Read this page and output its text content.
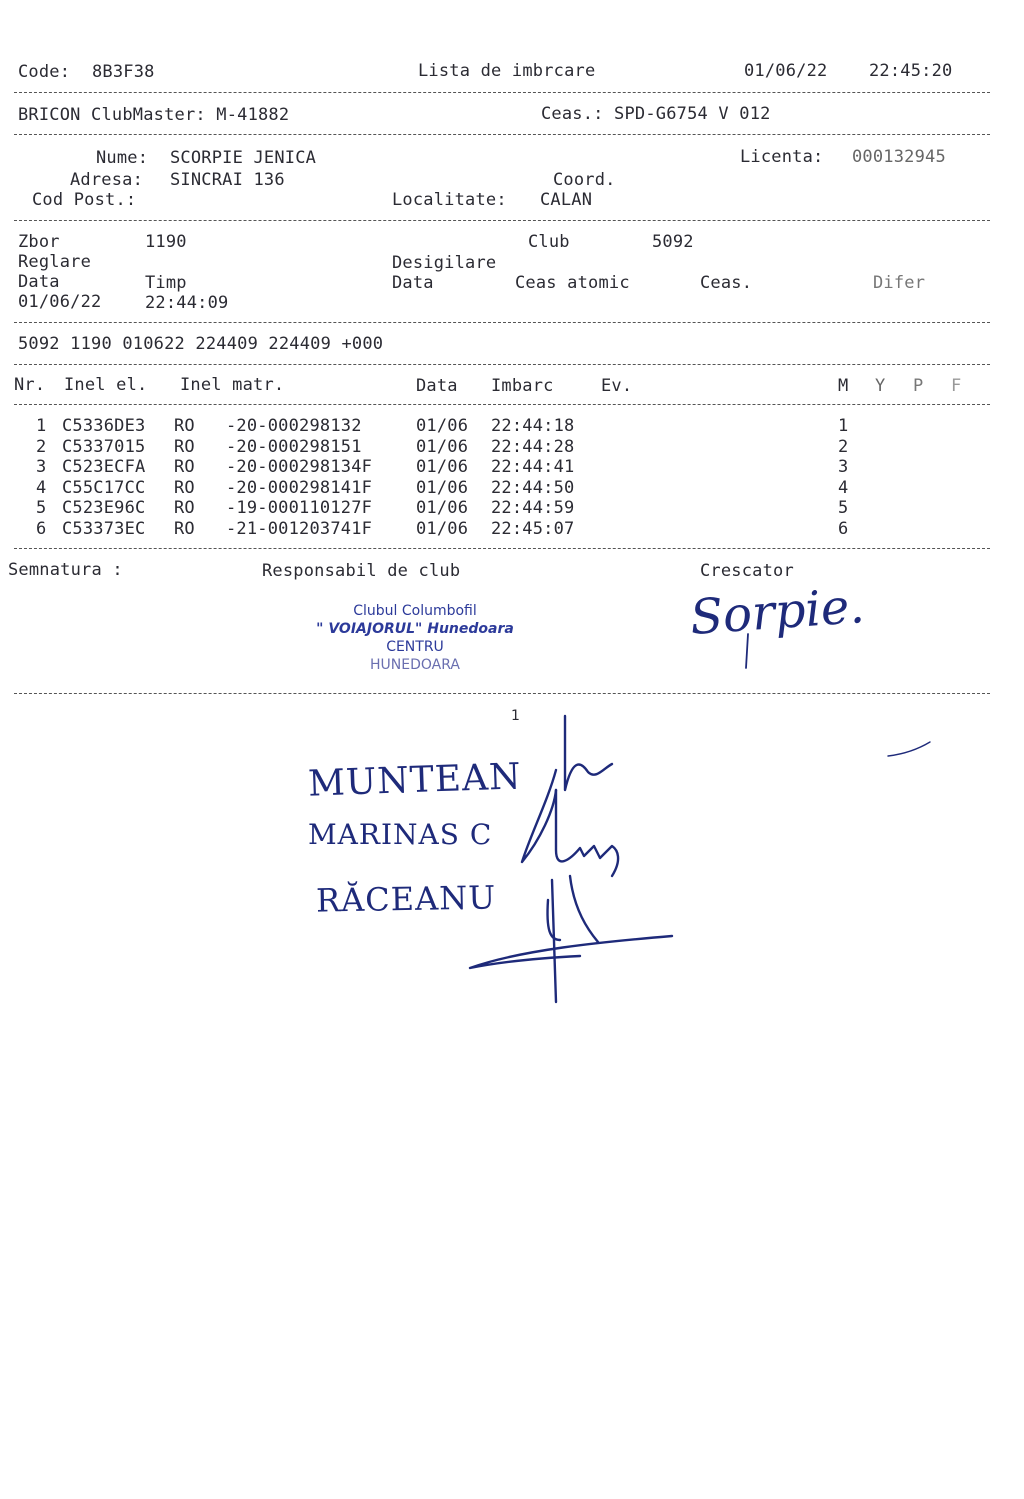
Code: 8B3F38	Lista de imbrcare	01/06/22 22:45:20
BRICON ClubMaster: M-41882	Ceas.: SPD-G6754 V 012
Nume: SCORPIE JENICA	Licenta: 000132945
Adresa: SINCRAI 136	Coord.
Cod Post.:	Localitate: CALAN
Zbor	1190	Club	5092
Reglare	Desigilare
Data	Timp	Data	Ceas atomic	Ceas.	Difer
01/06/22	22:44:09
5092 1190 010622 224409 224409 +000
Nr. Inel el. Inel matr.	Data Imbarc	Ev.	M Y P F
1 C5336DE3 RO -20-000298132	01/06 22:44:18	1
2 C5337015 RO -20-000298151	01/06 22:44:28	2
3 C523ECFA RO -20-000298134F	01/06 22:44:41	3
4 C55C17CC RO -20-000298141F	01/06 22:44:50	4
5 C523E96C RO -19-000110127F	01/06 22:44:59	5
6 C53373EC RO -21-001203741F	01/06 22:45:07	6
Semnatura :	Responsabil de club	Crescator
Clubul Columbofil
" VOIAJORUL" Hunedoara
CENTRU
HUNEDOARA
Sorpie.
1
MUNTEAN
MARINAS C
RĂCEANU
